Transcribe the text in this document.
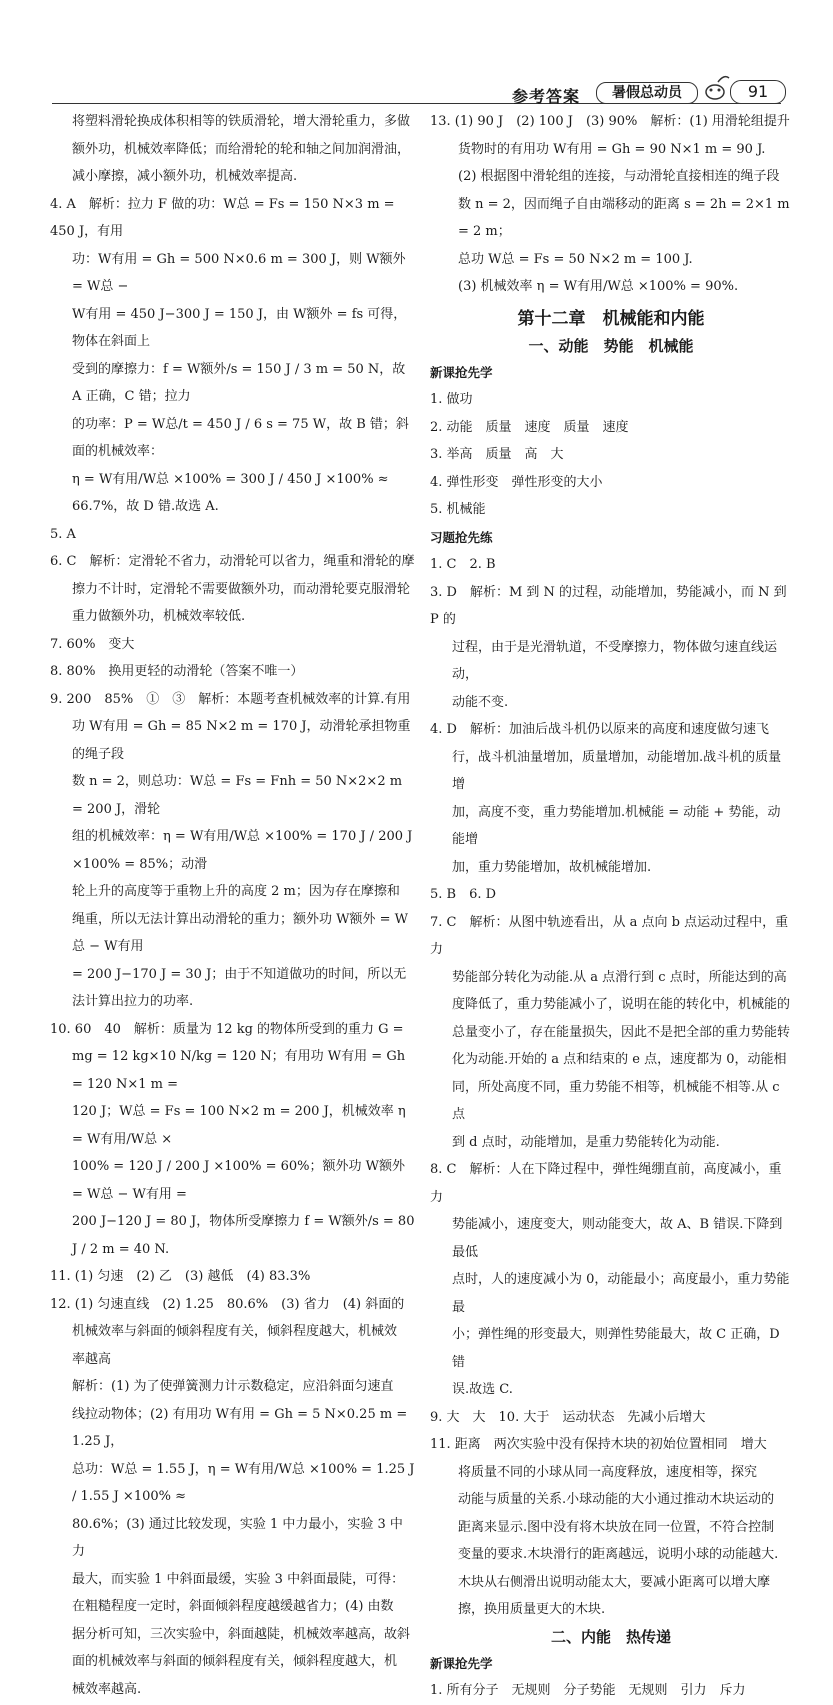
参考答案	暑假总动员	91

将塑料滑轮换成体积相等的铁质滑轮，增大滑轮重力，多做

额外功，机械效率降低；而给滑轮的轮和轴之间加润滑油，

减小摩擦，减小额外功，机械效率提高.

4. A　解析：拉力 F 做的功：W总 = Fs = 150 N×3 m = 450 J，有用

功：W有用 = Gh = 500 N×0.6 m = 300 J，则 W额外 = W总 −

W有用 = 450 J−300 J = 150 J，由 W额外 = fs 可得，物体在斜面上

受到的摩擦力：f = W额外/s = 150 J / 3 m = 50 N，故 A 正确，C 错；拉力

的功率：P = W总/t = 450 J / 6 s = 75 W，故 B 错；斜面的机械效率：

η = W有用/W总 ×100% = 300 J / 450 J ×100% ≈ 66.7%，故 D 错.故选 A.

5. A

6. C　解析：定滑轮不省力，动滑轮可以省力，绳重和滑轮的摩

擦力不计时，定滑轮不需要做额外功，而动滑轮要克服滑轮

重力做额外功，机械效率较低.

7. 60%　变大

8. 80%　换用更轻的动滑轮（答案不唯一）

9. 200　85%　①　③　解析：本题考查机械效率的计算.有用

功 W有用 = Gh = 85 N×2 m = 170 J，动滑轮承担物重的绳子段

数 n = 2，则总功：W总 = Fs = Fnh = 50 N×2×2 m = 200 J，滑轮

组的机械效率：η = W有用/W总 ×100% = 170 J / 200 J ×100% = 85%；动滑

轮上升的高度等于重物上升的高度 2 m；因为存在摩擦和

绳重，所以无法计算出动滑轮的重力；额外功 W额外 = W总 − W有用

= 200 J−170 J = 30 J；由于不知道做功的时间，所以无

法计算出拉力的功率.

10. 60　40　解析：质量为 12 kg 的物体所受到的重力 G =

mg = 12 kg×10 N/kg = 120 N；有用功 W有用 = Gh = 120 N×1 m =

120 J；W总 = Fs = 100 N×2 m = 200 J，机械效率 η = W有用/W总 ×

100% = 120 J / 200 J ×100% = 60%；额外功 W额外 = W总 − W有用 =

200 J−120 J = 80 J，物体所受摩擦力 f = W额外/s = 80 J / 2 m = 40 N.

11. (1) 匀速　(2) 乙　(3) 越低　(4) 83.3%

12. (1) 匀速直线　(2) 1.25　80.6%　(3) 省力　(4) 斜面的

机械效率与斜面的倾斜程度有关，倾斜程度越大，机械效

率越高

解析：(1) 为了使弹簧测力计示数稳定，应沿斜面匀速直

线拉动物体；(2) 有用功 W有用 = Gh = 5 N×0.25 m = 1.25 J，

总功：W总 = 1.55 J，η = W有用/W总 ×100% = 1.25 J / 1.55 J ×100% ≈

80.6%；(3) 通过比较发现，实验 1 中力最小，实验 3 中力

最大，而实验 1 中斜面最缓，实验 3 中斜面最陡，可得：

在粗糙程度一定时，斜面倾斜程度越缓越省力；(4) 由数

据分析可知，三次实验中，斜面越陡，机械效率越高，故斜

面的机械效率与斜面的倾斜程度有关，倾斜程度越大，机

械效率越高.

13. (1) 90 J　(2) 100 J　(3) 90%　解析：(1) 用滑轮组提升

货物时的有用功 W有用 = Gh = 90 N×1 m = 90 J.

(2) 根据图中滑轮组的连接，与动滑轮直接相连的绳子段

数 n = 2，因而绳子自由端移动的距离 s = 2h = 2×1 m = 2 m；

总功 W总 = Fs = 50 N×2 m = 100 J.

(3) 机械效率 η = W有用/W总 ×100% = 90%.

第十二章　机械能和内能
一、动能　势能　机械能

新课抢先学

1. 做功

2. 动能　质量　速度　质量　速度

3. 举高　质量　高　大

4. 弹性形变　弹性形变的大小

5. 机械能

习题抢先练

1. C　2. B

3. D　解析：M 到 N 的过程，动能增加，势能减小，而 N 到 P 的

过程，由于是光滑轨道，不受摩擦力，物体做匀速直线运动，

动能不变.

4. D　解析：加油后战斗机仍以原来的高度和速度做匀速飞

行，战斗机油量增加，质量增加，动能增加.战斗机的质量增

加，高度不变，重力势能增加.机械能 = 动能 + 势能，动能增

加，重力势能增加，故机械能增加.

5. B　6. D

7. C　解析：从图中轨迹看出，从 a 点向 b 点运动过程中，重力

势能部分转化为动能.从 a 点滑行到 c 点时，所能达到的高

度降低了，重力势能减小了，说明在能的转化中，机械能的

总量变小了，存在能量损失，因此不是把全部的重力势能转

化为动能.开始的 a 点和结束的 e 点，速度都为 0，动能相

同，所处高度不同，重力势能不相等，机械能不相等.从 c 点

到 d 点时，动能增加，是重力势能转化为动能.

8. C　解析：人在下降过程中，弹性绳绷直前，高度减小，重力

势能减小，速度变大，则动能变大，故 A、B 错误.下降到最低

点时，人的速度减小为 0，动能最小；高度最小，重力势能最

小；弹性绳的形变最大，则弹性势能最大，故 C 正确，D 错

误.故选 C.

9. 大　大　10. 大于　运动状态　先减小后增大

11. 距离　两次实验中没有保持木块的初始位置相同　增大

将质量不同的小球从同一高度释放，速度相等，探究

动能与质量的关系.小球动能的大小通过推动木块运动的

距离来显示.图中没有将木块放在同一位置，不符合控制

变量的要求.木块滑行的距离越远，说明小球的动能越大.

木块从右侧滑出说明动能太大，要减小距离可以增大摩

擦，换用质量更大的木块.

二、内能　热传递

新课抢先学

1. 所有分子　无规则　分子势能　无规则　引力　斥力
